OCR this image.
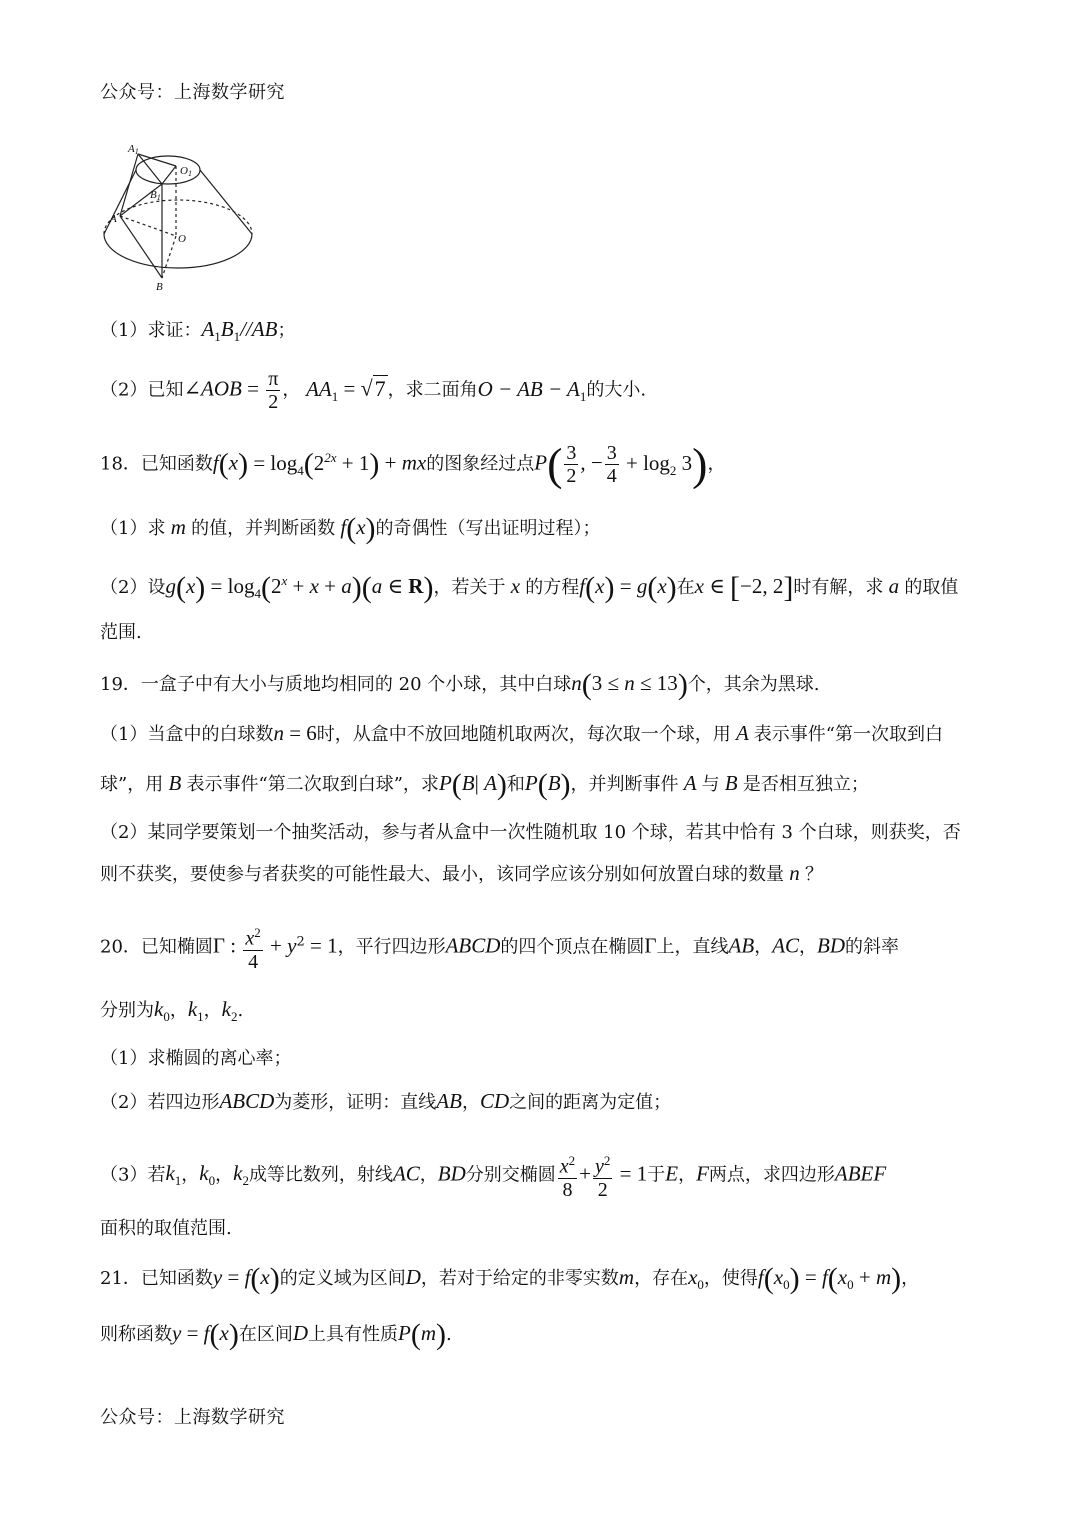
公众号：上海数学研究
A1
O1
B1
A
O
B
（1）求证：$A_1B_1//AB$；
（2）已知∠AOB = $\frac{\pi}{2}$ ， $AA_1 = √7$ ，求二面角O − AB − $A_1$的大小.
18．已知函数$f(x) = \log_4(2^{2x} + 1)$ + mx的图象经过点$P( \frac{3}{2}$ , − $\frac{3}{4} + \log_2 3$)，
（1）求 m 的值，并判断函数 f(x)的奇偶性（写出证明过程）；
（2）设$g(x) = \log_4(2^x + x + a)(a$ ∈ R)，若关于 x 的方程f(x) = g(x)在x ∈ [−2, 2]时有解，求 a 的取值
范围.
19．一盒子中有大小与质地均相同的 20 个小球，其中白球n(3 ≤ n ≤ 13)个，其余为黑球.
（1）当盒中的白球数n = 6时，从盒中不放回地随机取两次，每次取一个球，用 A 表示事件“第一次取到白
球”，用 B 表示事件“第二次取到白球”，求P(B| A)和P(B)，并判断事件 A 与 B 是否相互独立；
（2）某同学要策划一个抽奖活动，参与者从盒中一次性随机取 10 个球，若其中恰有 3 个白球，则获奖，否
则不获奖，要使参与者获奖的可能性最大、最小，该同学应该分别如何放置白球的数量 n ？
20．已知椭圆Γ : $\frac{x^2}{4} + y^2 = 1$，平行四边形ABCD的四个顶点在椭圆Γ上，直线AB，AC，BD的斜率
分别为$k_0$，$k_1$，$k_2$.
（1）求椭圆的离心率；
（2）若四边形ABCD为菱形，证明：直线AB，CD之间的距离为定值；
（3）若$k_1$，$k_0$，$k_2$成等比数列，射线AC，BD分别交椭圆 $\frac{x^2}{8} + \frac{y^2}{2} = 1$于E，F两点，求四边形ABEF
面积的取值范围.
21．已知函数y = f(x)的定义域为区间D，若对于给定的非零实数m，存在$x_0$，使得$f(x_0) = f(x_0 + m)$，
则称函数y = f(x)在区间D上具有性质P(m).
公众号：上海数学研究
